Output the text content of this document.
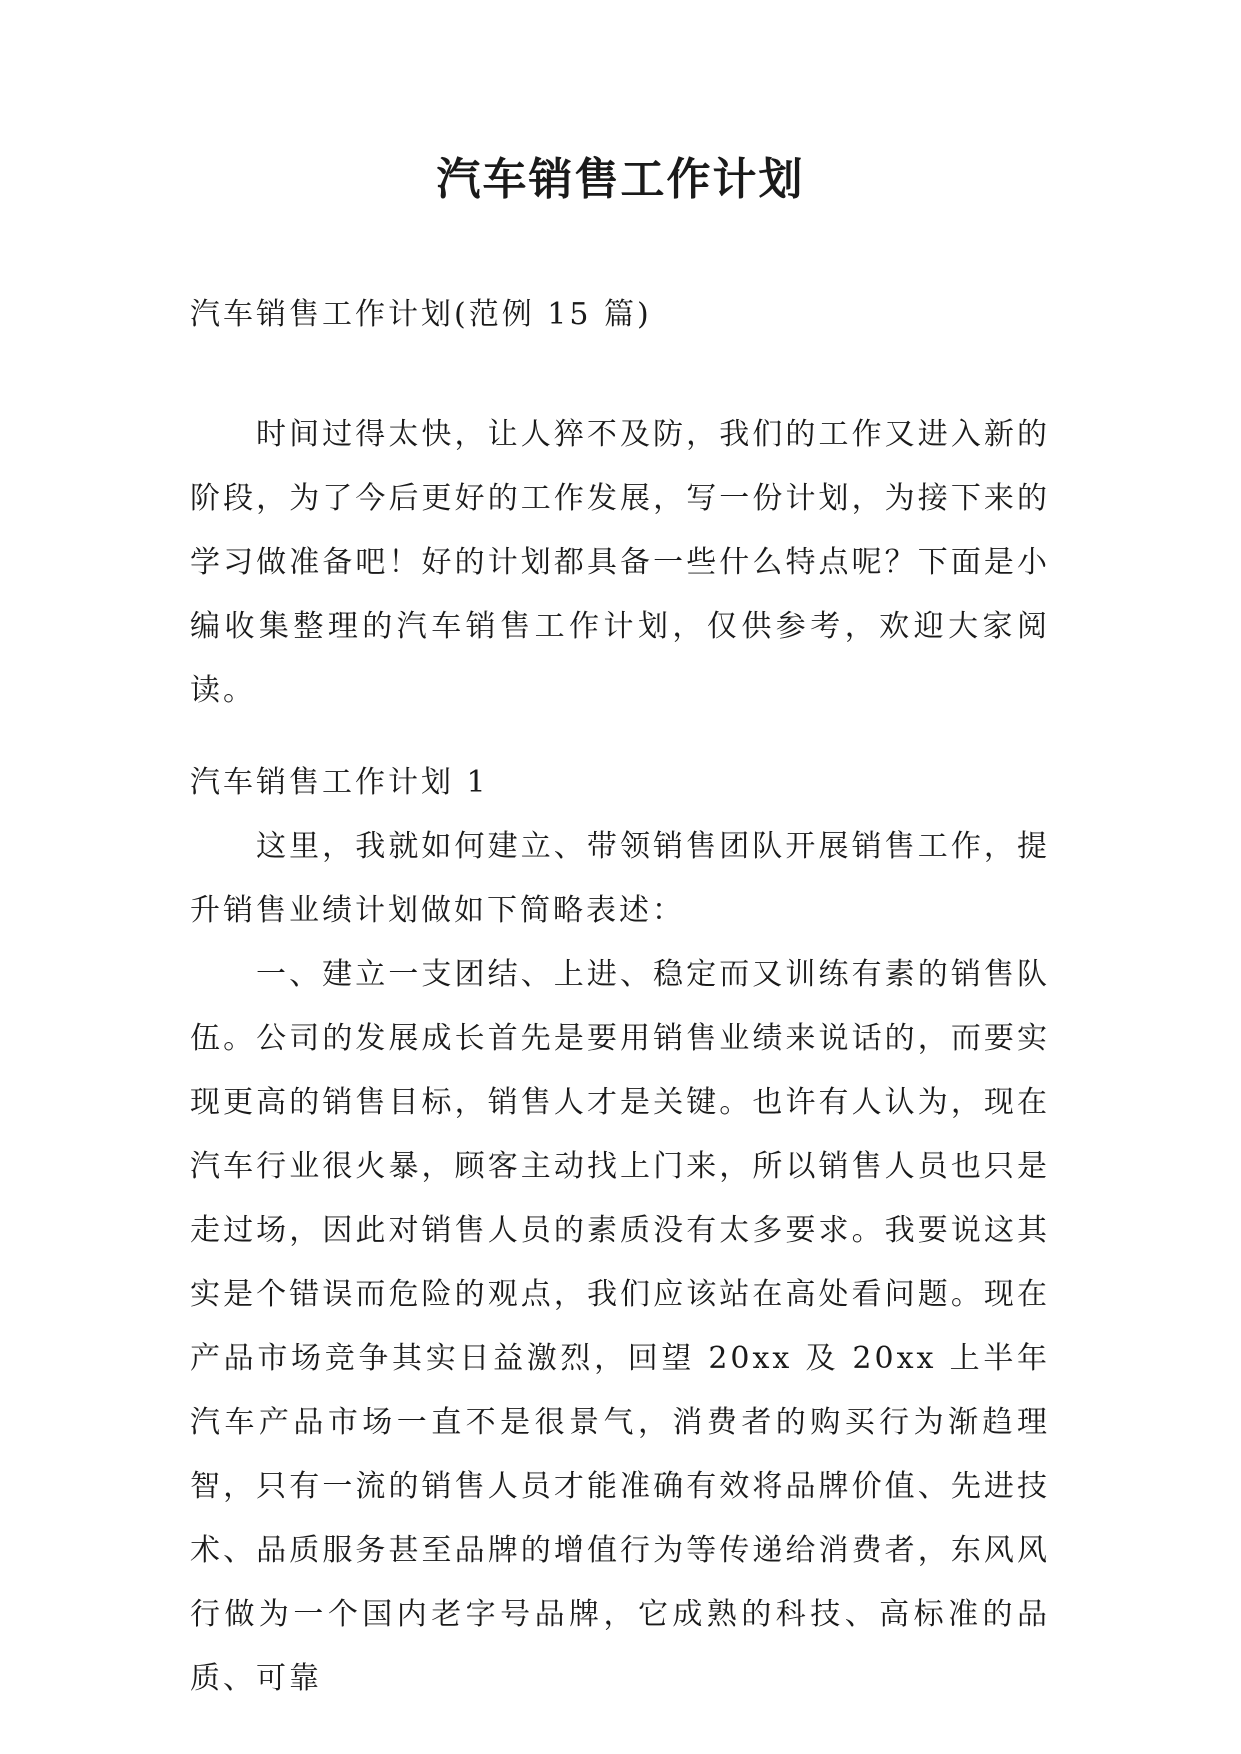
汽车销售工作计划
汽车销售工作计划(范例 15 篇)

时间过得太快，让人猝不及防，我们的工作又进入新的阶段，为了今后更好的工作发展，写一份计划，为接下来的学习做准备吧！好的计划都具备一些什么特点呢？下面是小编收集整理的汽车销售工作计划，仅供参考，欢迎大家阅读。

汽车销售工作计划 1

这里，我就如何建立、带领销售团队开展销售工作，提升销售业绩计划做如下简略表述：

一、建立一支团结、上进、稳定而又训练有素的销售队伍。公司的发展成长首先是要用销售业绩来说话的，而要实现更高的销售目标，销售人才是关键。也许有人认为，现在汽车行业很火暴，顾客主动找上门来，所以销售人员也只是走过场，因此对销售人员的素质没有太多要求。我要说这其实是个错误而危险的观点，我们应该站在高处看问题。现在产品市场竞争其实日益激烈，回望 20xx 及 20xx 上半年汽车产品市场一直不是很景气，消费者的购买行为渐趋理智，只有一流的销售人员才能准确有效将品牌价值、先进技术、品质服务甚至品牌的增值行为等传递给消费者，东风风行做为一个国内老字号品牌，它成熟的科技、高标准的品质、可靠
